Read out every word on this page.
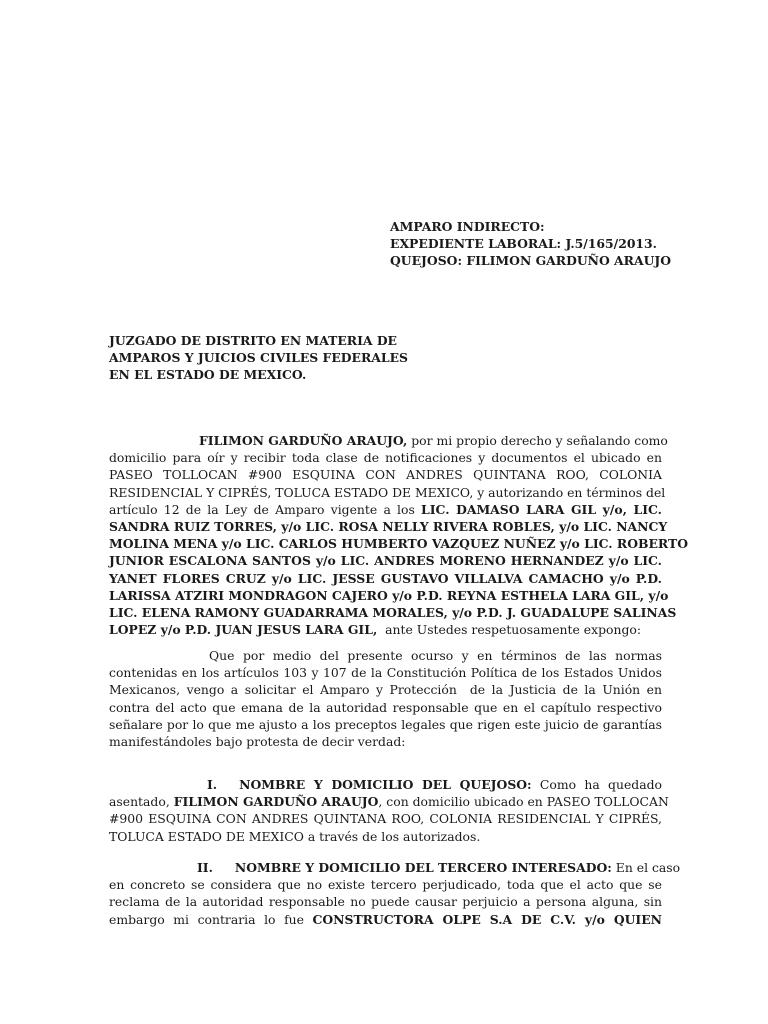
AMPARO INDIRECTO:
EXPEDIENTE LABORAL: J.5/165/2013.
QUEJOSO: FILIMON GARDUÑO ARAUJO
JUZGADO DE DISTRITO EN MATERIA DE
AMPAROS Y JUICIOS CIVILES FEDERALES
EN EL ESTADO DE MEXICO.
FILIMON GARDUÑO ARAUJO, por mi propio derecho y señalando como
domicilio para oír y recibir toda clase de notificaciones y documentos el ubicado en
PASEO TOLLOCAN #900 ESQUINA CON ANDRES QUINTANA ROO, COLONIA
RESIDENCIAL Y CIPRÉS, TOLUCA ESTADO DE MEXICO, y autorizando en términos del
artículo 12 de la Ley de Amparo vigente a los LIC. DAMASO LARA GIL y/o, LIC.
SANDRA RUIZ TORRES, y/o LIC. ROSA NELLY RIVERA ROBLES, y/o LIC. NANCY
MOLINA MENA y/o LIC. CARLOS HUMBERTO VAZQUEZ NUÑEZ y/o LIC. ROBERTO
JUNIOR ESCALONA SANTOS y/o LIC. ANDRES MORENO HERNANDEZ y/o LIC.
YANET FLORES CRUZ y/o LIC. JESSE GUSTAVO VILLALVA CAMACHO y/o P.D.
LARISSA ATZIRI MONDRAGON CAJERO y/o P.D. REYNA ESTHELA LARA GIL, y/o
LIC. ELENA RAMONY GUADARRAMA MORALES, y/o P.D. J. GUADALUPE SALINAS
LOPEZ y/o P.D. JUAN JESUS LARA GIL,  ante Ustedes respetuosamente expongo:
Que por medio del presente ocurso y en términos de las normas
contenidas en los artículos 103 y 107 de la Constitución Política de los Estados Unidos
Mexicanos, vengo a solicitar el Amparo y Protección  de la Justicia de la Unión en
contra del acto que emana de la autoridad responsable que en el capítulo respectivo
señalare por lo que me ajusto a los preceptos legales que rigen este juicio de garantías
manifestándoles bajo protesta de decir verdad:
I. NOMBRE Y DOMICILIO DEL QUEJOSO: Como ha quedado
asentado, FILIMON GARDUÑO ARAUJO, con domicilio ubicado en PASEO TOLLOCAN
#900 ESQUINA CON ANDRES QUINTANA ROO, COLONIA RESIDENCIAL Y CIPRÉS,
TOLUCA ESTADO DE MEXICO a través de los autorizados.
II. NOMBRE Y DOMICILIO DEL TERCERO INTERESADO: En el caso
en concreto se considera que no existe tercero perjudicado, toda que el acto que se
reclama de la autoridad responsable no puede causar perjuicio a persona alguna, sin
embargo mi contraria lo fue CONSTRUCTORA OLPE S.A DE C.V. y/o QUIEN
